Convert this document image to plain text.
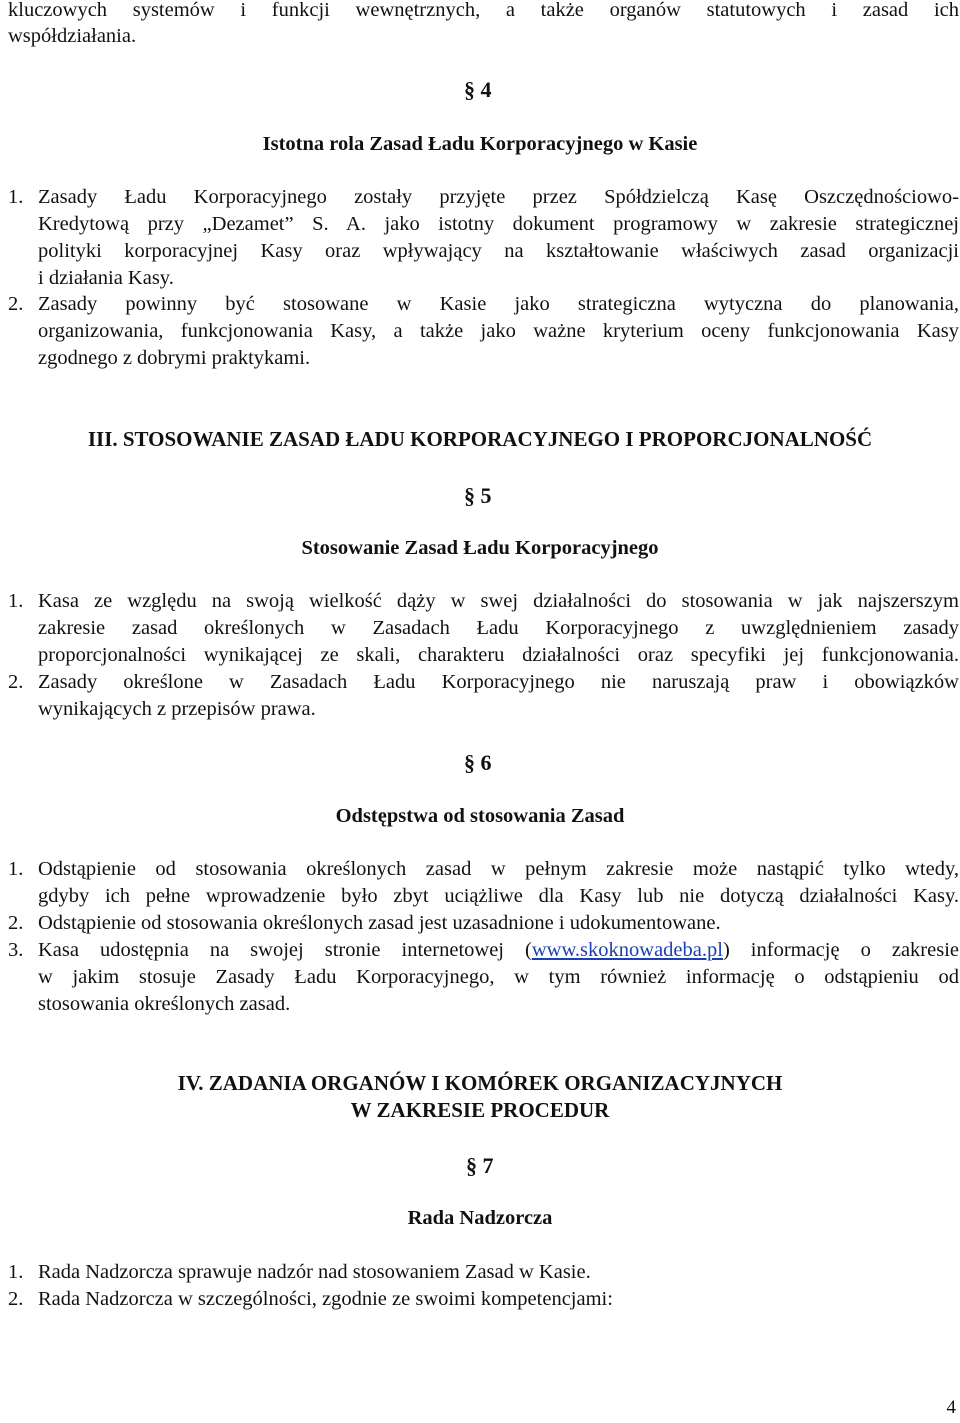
kluczowych systemów i funkcji wewnętrznych, a także organów statutowych i zasad ich
współdziałania.
§ 4
Istotna rola Zasad Ładu Korporacyjnego w Kasie
1. Zasady Ładu Korporacyjnego zostały przyjęte przez Spółdzielczą Kasę Oszczędnościowo-
Kredytową przy „Dezamet” S. A. jako istotny dokument programowy w zakresie strategicznej
polityki korporacyjnej Kasy oraz wpływający na kształtowanie właściwych zasad organizacji
i działania Kasy.
2. Zasady powinny być stosowane w Kasie jako strategiczna wytyczna do planowania,
organizowania, funkcjonowania Kasy, a także jako ważne kryterium oceny funkcjonowania Kasy
zgodnego z dobrymi praktykami.
III. STOSOWANIE ZASAD ŁADU KORPORACYJNEGO I PROPORCJONALNOŚĆ
§ 5
Stosowanie Zasad Ładu Korporacyjnego
1. Kasa ze względu na swoją wielkość dąży w swej działalności do stosowania w jak najszerszym
zakresie zasad określonych w Zasadach Ładu Korporacyjnego z uwzględnieniem zasady
proporcjonalności wynikającej ze skali, charakteru działalności oraz specyfiki jej funkcjonowania.
2. Zasady określone w Zasadach Ładu Korporacyjnego nie naruszają praw i obowiązków
wynikających z przepisów prawa.
§ 6
Odstępstwa od stosowania Zasad
1. Odstąpienie od stosowania określonych zasad w pełnym zakresie może nastąpić tylko wtedy,
gdyby ich pełne wprowadzenie było zbyt uciążliwe dla Kasy lub nie dotyczą działalności Kasy.
2. Odstąpienie od stosowania określonych zasad jest uzasadnione i udokumentowane.
3. Kasa udostępnia na swojej stronie internetowej (www.skoknowadeba.pl) informację o zakresie
w jakim stosuje Zasady Ładu Korporacyjnego, w tym również informację o odstąpieniu od
stosowania określonych zasad.
IV. ZADANIA ORGANÓW I KOMÓREK ORGANIZACYJNYCH
W ZAKRESIE PROCEDUR
§ 7
Rada Nadzorcza
1. Rada Nadzorcza sprawuje nadzór nad stosowaniem Zasad w Kasie.
2. Rada Nadzorcza w szczególności, zgodnie ze swoimi kompetencjami:
4
